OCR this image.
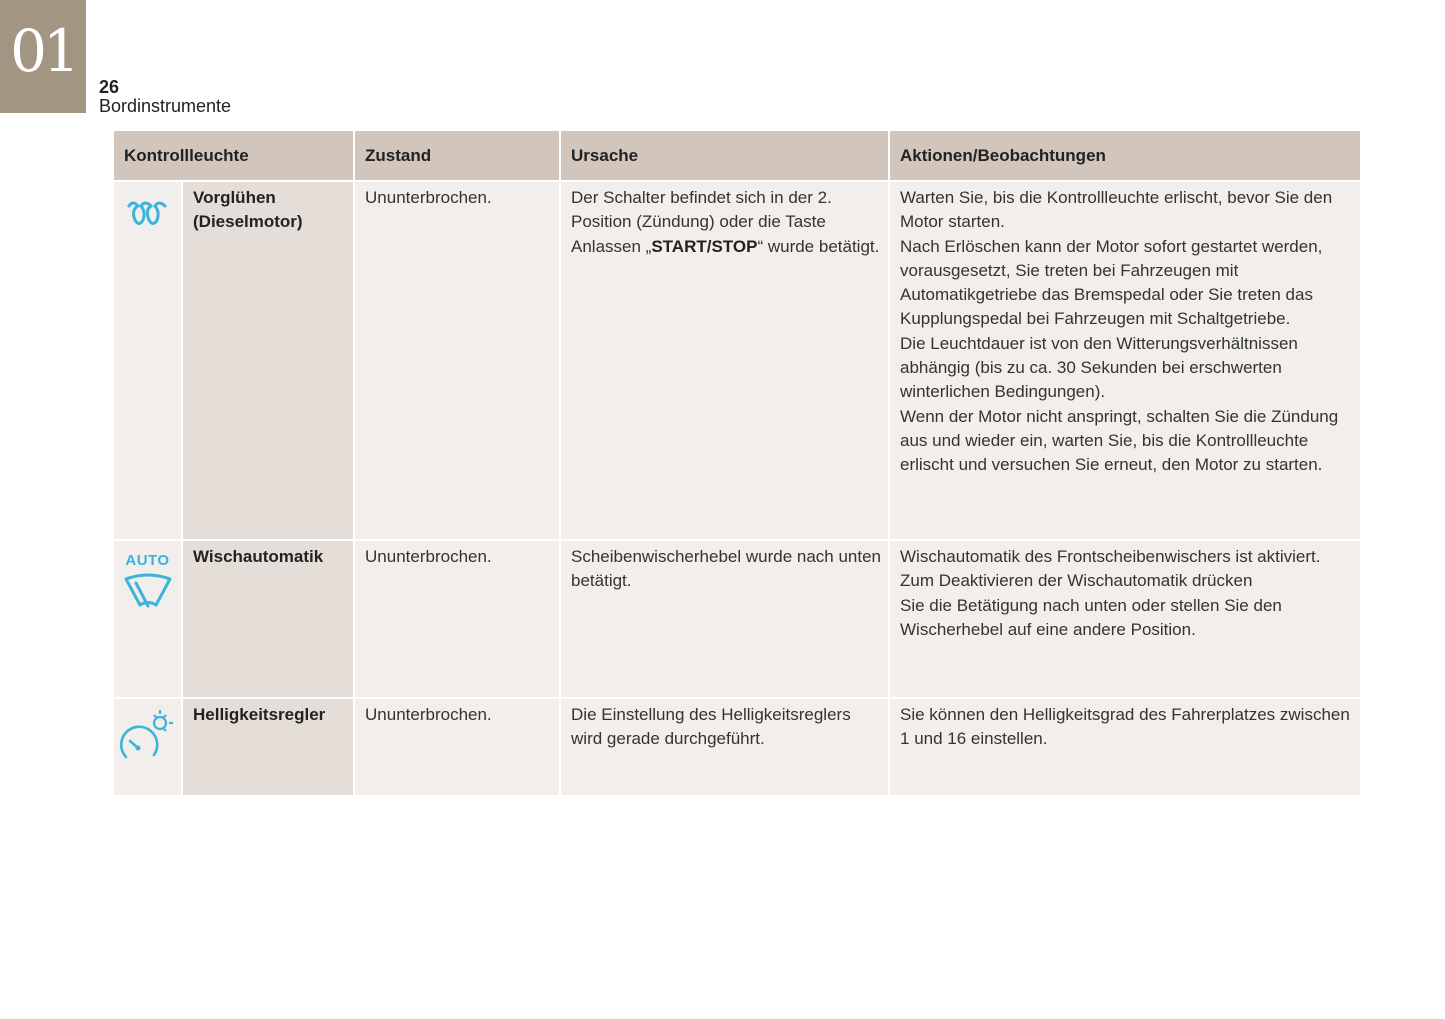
01
26
Bordinstrumente
Kontrollleuchte		Zustand	Ursache	Aktionen/Beobachtungen

Vorglühen
(Dieselmotor)	Ununterbrochen.	Der Schalter befindet sich in der 2. Position (Zündung) oder die Taste Anlassen „START/STOP“ wurde betätigt.	Warten Sie, bis die Kontrollleuchte erlischt, bevor Sie den Motor starten.
Nach Erlöschen kann der Motor sofort gestartet werden, vorausgesetzt, Sie treten bei Fahrzeugen mit Automatikgetriebe das Bremspedal oder Sie treten das Kupplungspedal bei Fahrzeugen mit Schaltgetriebe.
Die Leuchtdauer ist von den Witterungsverhältnissen abhängig (bis zu ca. 30 Sekunden bei erschwerten winterlichen Bedingungen).
Wenn der Motor nicht anspringt, schalten Sie die Zündung aus und wieder ein, warten Sie, bis die Kontrollleuchte erlischt und versuchen Sie erneut, den Motor zu starten.

AUTO	Wischautomatik	Ununterbrochen.	Scheibenwischerhebel wurde nach unten betätigt.	Wischautomatik des Frontscheibenwischers ist aktiviert.
Zum Deaktivieren der Wischautomatik drücken
Sie die Betätigung nach unten oder stellen Sie den Wischerhebel auf eine andere Position.

	Helligkeitsregler	Ununterbrochen.	Die Einstellung des Helligkeitsreglers wird gerade durchgeführt.	Sie können den Helligkeitsgrad des Fahrerplatzes zwischen 1 und 16 einstellen.
